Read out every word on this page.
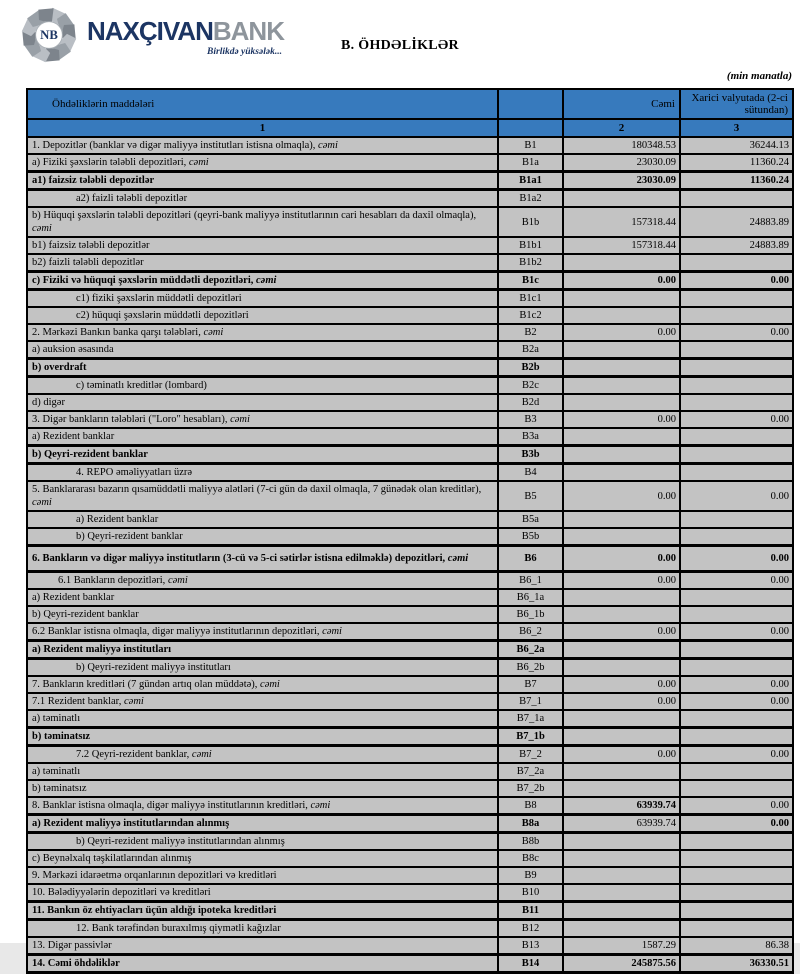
NB NAXÇIVANBANK
Birlikdə yüksələk...	B. ÖHDƏLİKLƏR
(min manatla)
Öhdəliklərin maddələri		Cəmi	Xarici valyutada (2-ci sütundan)
1		2	3
1. Depozitlər (banklar və digər maliyyə institutları istisna olmaqla), cəmi	B1	180348.53	36244.13
a) Fiziki şəxslərin tələbli depozitləri, cəmi	B1a	23030.09	11360.24
a1) faizsiz tələbli depozitlər	B1a1	23030.09	11360.24
a2) faizli tələbli depozitlər	B1a2		
b) Hüquqi şəxslərin tələbli depozitləri (qeyri-bank maliyyə institutlarının cari hesabları da daxil olmaqla), cəmi	B1b	157318.44	24883.89
b1) faizsiz tələbli depozitlər	B1b1	157318.44	24883.89
b2) faizli tələbli depozitlər	B1b2		
c) Fiziki və hüquqi şəxslərin müddətli depozitləri, cəmi	B1c	0.00	0.00
c1) fiziki şəxslərin müddətli depozitləri	B1c1		
c2) hüquqi şəxslərin müddətli depozitləri	B1c2		
2. Mərkəzi Bankın banka qarşı tələbləri, cəmi	B2	0.00	0.00
a) auksion əsasında	B2a		
b) overdraft	B2b		
c) təminatlı kreditlər (lombard)	B2c		
d) digər	B2d		
3. Digər bankların tələbləri ("Loro" hesabları), cəmi	B3	0.00	0.00
a) Rezident banklar	B3a		
b) Qeyri-rezident banklar	B3b		
4. REPO əməliyyatları üzrə	B4		
5. Banklararası bazarın qısamüddətli maliyyə alətləri (7-ci gün də daxil olmaqla, 7 günədək olan kreditlər), cəmi	B5	0.00	0.00
a) Rezident banklar	B5a		
b) Qeyri-rezident banklar	B5b		
6. Bankların və digər maliyyə institutların (3-cü və 5-ci sətirlər istisna edilməklə) depozitləri, cəmi	B6	0.00	0.00
6.1 Bankların depozitləri, cəmi	B6_1	0.00	0.00
a) Rezident banklar	B6_1a		
b) Qeyri-rezident banklar	B6_1b		
6.2 Banklar istisna olmaqla, digər maliyyə institutlarının depozitləri, cəmi	B6_2	0.00	0.00
a) Rezident maliyyə institutları	B6_2a		
b) Qeyri-rezident maliyyə institutları	B6_2b		
7. Bankların kreditləri (7 gündən artıq olan müddətə), cəmi	B7	0.00	0.00
7.1 Rezident banklar, cəmi	B7_1	0.00	0.00
a) təminatlı	B7_1a		
b) təminatsız	B7_1b		
7.2 Qeyri-rezident banklar, cəmi	B7_2	0.00	0.00
a) təminatlı	B7_2a		
b) təminatsız	B7_2b		
8. Banklar istisna olmaqla, digər maliyyə institutlarının kreditləri, cəmi	B8	63939.74	0.00
a) Rezident maliyyə institutlarından alınmış	B8a	63939.74	0.00
b) Qeyri-rezident maliyyə institutlarından alınmış	B8b		
c) Beynəlxalq təşkilatlarından alınmış	B8c		
9. Mərkəzi idarəetmə orqanlarının depozitləri və kreditləri	B9		
10. Bələdiyyələrin depozitləri və kreditləri	B10		
11. Bankın öz ehtiyacları üçün aldığı ipoteka kreditləri	B11		
12. Bank tərəfindən buraxılmış qiymətli kağızlar	B12		
13. Digər passivlər	B13	1587.29	86.38
14. Cəmi öhdəliklər	B14	245875.56	36330.51
